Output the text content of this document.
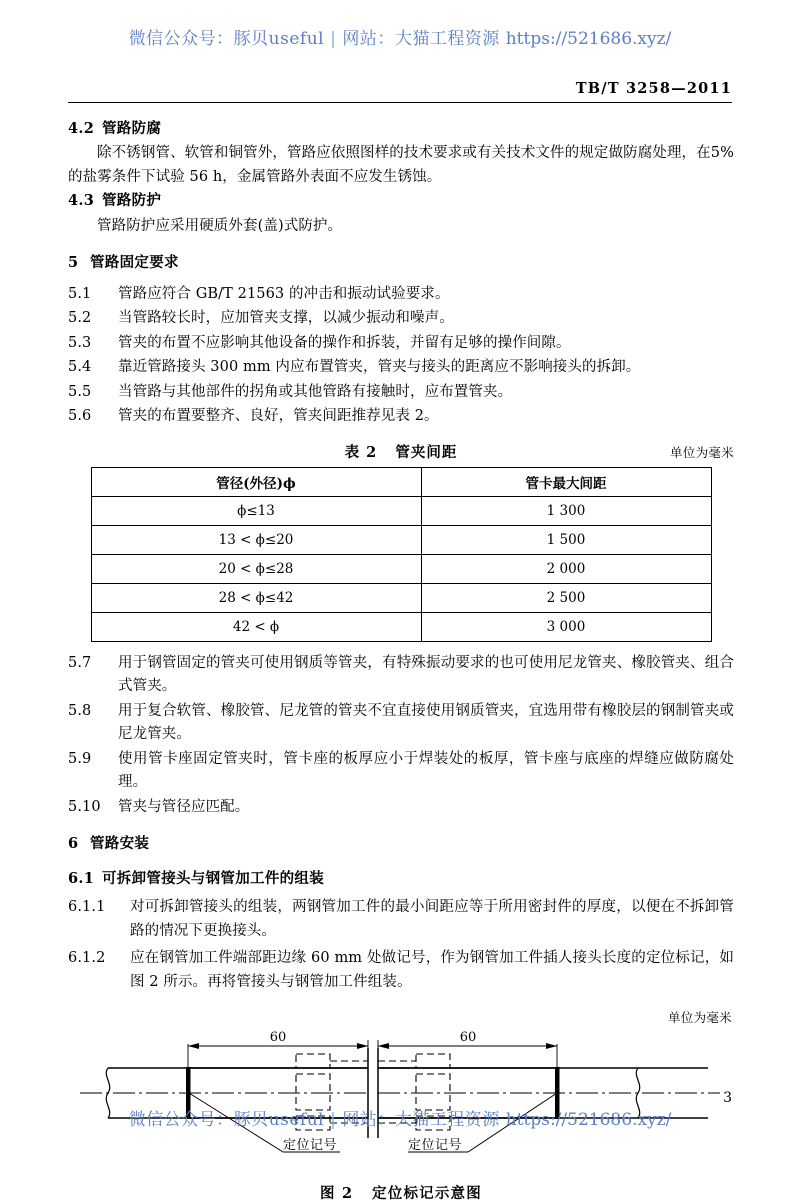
微信公众号：豚贝useful | 网站：大猫工程资源 https://521686.xyz/
TB/T 3258—2011
4.2 管路防腐

除不锈钢管、软管和铜管外，管路应依照图样的技术要求或有关技术文件的规定做防腐处理，在5%的盐雾条件下试验 56 h，金属管路外表面不应发生锈蚀。

4.3 管路防护

管路防护应采用硬质外套(盖)式防护。

5 管路固定要求
5.1	管路应符合 GB/T 21563 的冲击和振动试验要求。
5.2	当管路较长时，应加管夹支撑，以减少振动和噪声。
5.3	管夹的布置不应影响其他设备的操作和拆装，并留有足够的操作间隙。
5.4	靠近管路接头 300 mm 内应布置管夹，管夹与接头的距离应不影响接头的拆卸。
5.5	当管路与其他部件的拐角或其他管路有接触时，应布置管夹。
5.6	管夹的布置要整齐、良好，管夹间距推荐见表 2。
表 2 管夹间距	单位为毫米
管径(外径)ϕ	管卡最大间距
ϕ≤13	1 300
13 < ϕ≤20	1 500
20 < ϕ≤28	2 000
28 < ϕ≤42	2 500
42 < ϕ	3 000
5.7	用于钢管固定的管夹可使用钢质等管夹，有特殊振动要求的也可使用尼龙管夹、橡胶管夹、组合式管夹。
5.8	用于复合软管、橡胶管、尼龙管的管夹不宜直接使用钢质管夹，宜选用带有橡胶层的钢制管夹或尼龙管夹。
5.9	使用管卡座固定管夹时，管卡座的板厚应小于焊装处的板厚，管卡座与底座的焊缝应做防腐处理。
5.10	管夹与管径应匹配。
6 管路安装
6.1 可拆卸管接头与钢管加工件的组装
6.1.1	对可拆卸管接头的组装，两钢管加工件的最小间距应等于所用密封件的厚度，以便在不拆卸管路的情况下更换接头。
6.1.2	应在钢管加工件端部距边缘 60 mm 处做记号，作为钢管加工件插人接头长度的定位标记，如图 2 所示。再将管接头与钢管加工件组装。
单位为毫米
60	60
定位记号	定位记号
图 2 定位标记示意图
3
微信公众号：豚贝useful | 网站：大猫工程资源 https://521686.xyz/
